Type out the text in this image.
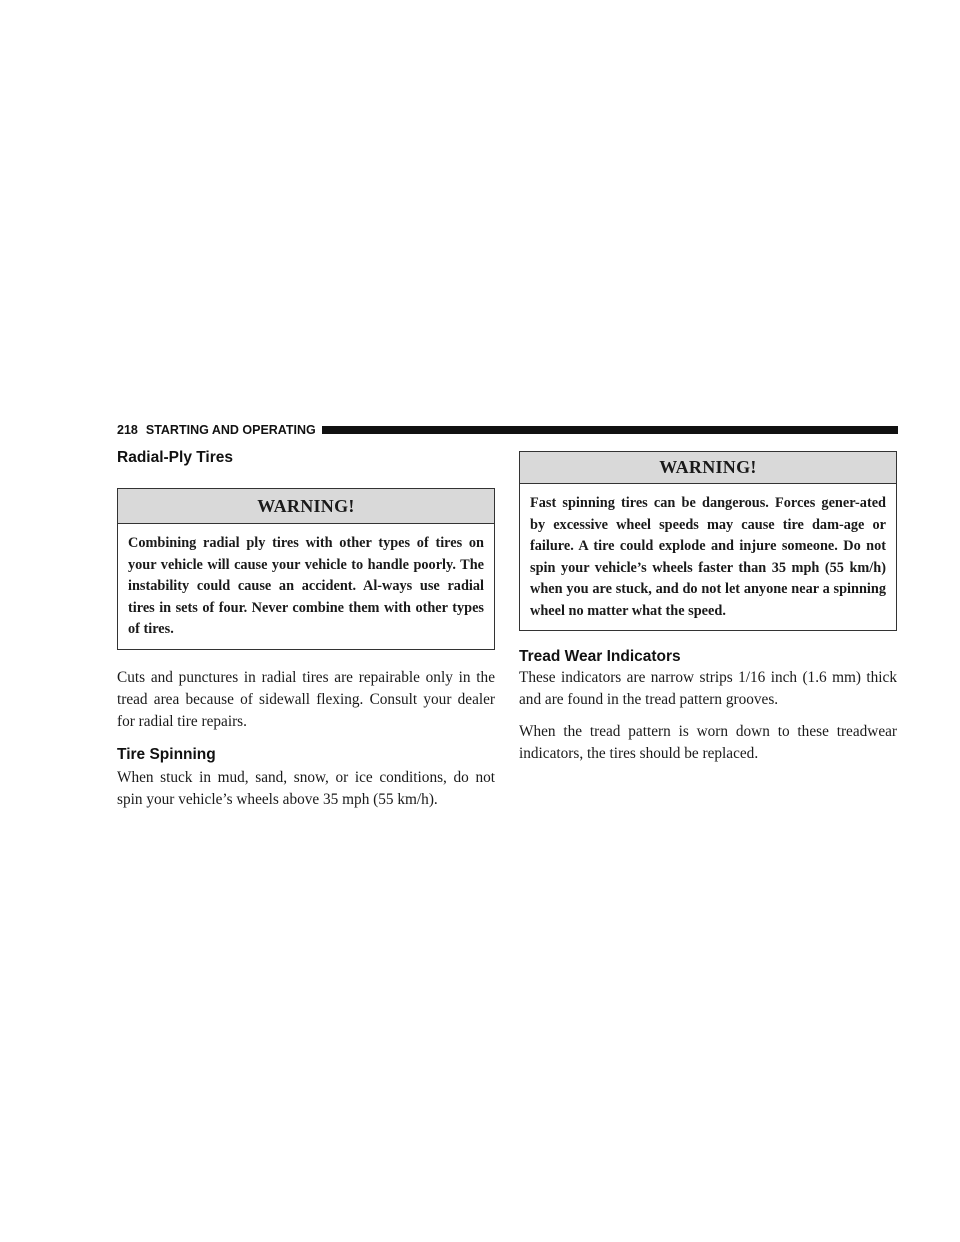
218 STARTING AND OPERATING
Radial-Ply Tires
WARNING!
Combining radial ply tires with other types of tires on your vehicle will cause your vehicle to handle poorly. The instability could cause an accident. Al-ways use radial tires in sets of four. Never combine them with other types of tires.

Cuts and punctures in radial tires are repairable only in the tread area because of sidewall flexing. Consult your dealer for radial tire repairs.

Tire Spinning

When stuck in mud, sand, snow, or ice conditions, do not spin your vehicle’s wheels above 35 mph (55 km/h).

WARNING!
Fast spinning tires can be dangerous. Forces gener-ated by excessive wheel speeds may cause tire dam-age or failure. A tire could explode and injure someone. Do not spin your vehicle’s wheels faster than 35 mph (55 km/h) when you are stuck, and do not let anyone near a spinning wheel no matter what the speed.
Tread Wear Indicators

These indicators are narrow strips 1/16 inch (1.6 mm) thick and are found in the tread pattern grooves.

When the tread pattern is worn down to these treadwear indicators, the tires should be replaced.
